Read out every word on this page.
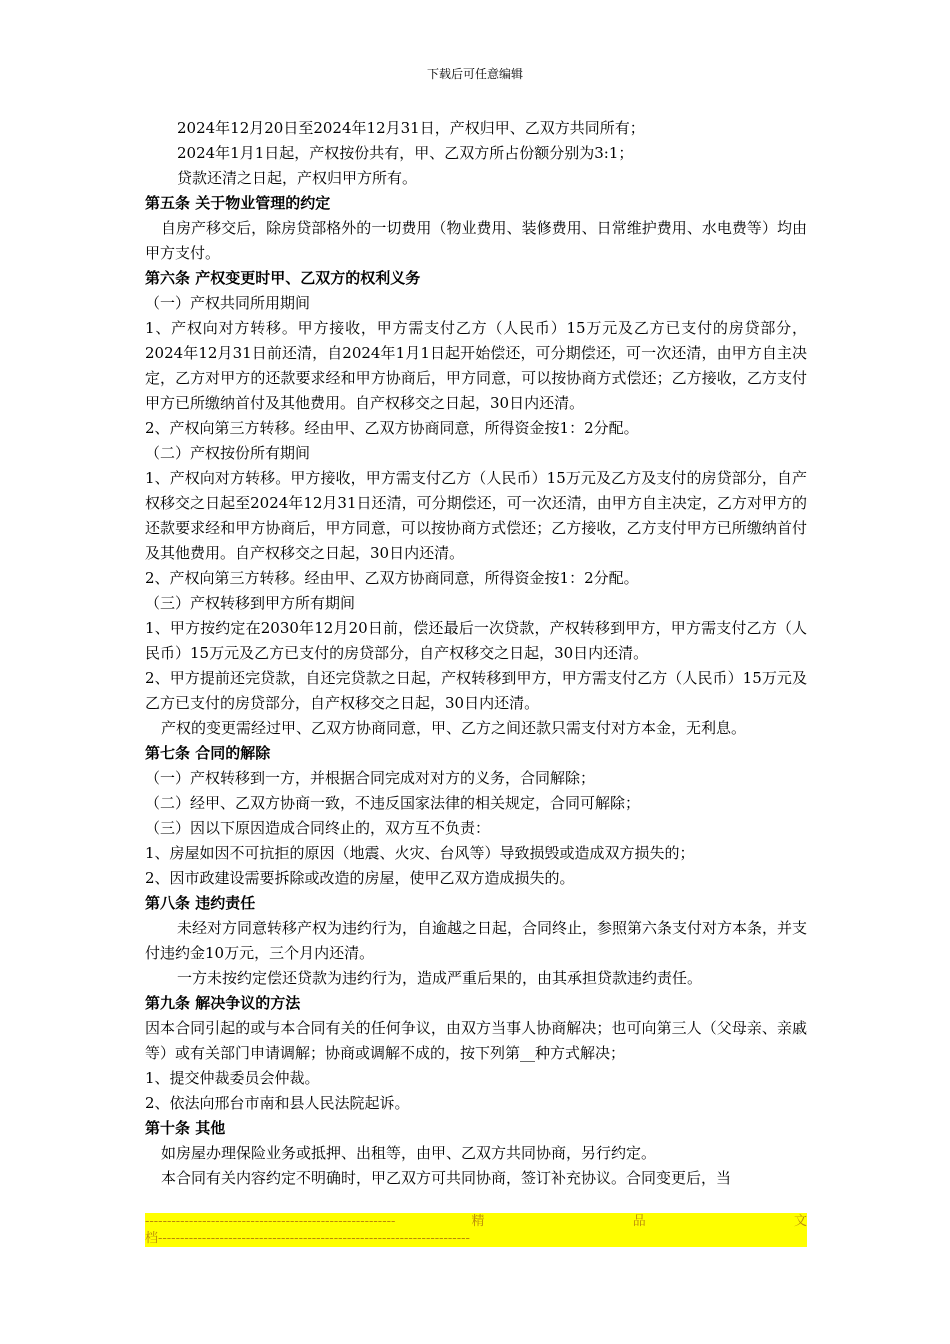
下载后可任意编辑

2024年12月20日至2024年12月31日，产权归甲、乙双方共同所有；

2024年1月1日起，产权按份共有，甲、乙双方所占份额分别为3:1；

贷款还清之日起，产权归甲方所有。

第五条 关于物业管理的约定

自房产移交后，除房贷部格外的一切费用（物业费用、装修费用、日常维护费用、水电费等）均由甲方支付。

第六条 产权变更时甲、乙双方的权利义务

（一）产权共同所用期间

1、产权向对方转移。甲方接收，甲方需支付乙方（人民币）15万元及乙方已支付的房贷部分，2024年12月31日前还清，自2024年1月1日起开始偿还，可分期偿还，可一次还清，由甲方自主决定，乙方对甲方的还款要求经和甲方协商后，甲方同意，可以按协商方式偿还；乙方接收，乙方支付甲方已所缴纳首付及其他费用。自产权移交之日起，30日内还清。

2、产权向第三方转移。经由甲、乙双方协商同意，所得资金按1：2分配。

（二）产权按份所有期间

1、产权向对方转移。甲方接收，甲方需支付乙方（人民币）15万元及乙方及支付的房贷部分，自产权移交之日起至2024年12月31日还清，可分期偿还，可一次还清，由甲方自主决定，乙方对甲方的还款要求经和甲方协商后，甲方同意，可以按协商方式偿还；乙方接收，乙方支付甲方已所缴纳首付及其他费用。自产权移交之日起，30日内还清。

2、产权向第三方转移。经由甲、乙双方协商同意，所得资金按1：2分配。

（三）产权转移到甲方所有期间

1、甲方按约定在2030年12月20日前，偿还最后一次贷款，产权转移到甲方，甲方需支付乙方（人民币）15万元及乙方已支付的房贷部分，自产权移交之日起，30日内还清。

2、甲方提前还完贷款，自还完贷款之日起，产权转移到甲方，甲方需支付乙方（人民币）15万元及乙方已支付的房贷部分，自产权移交之日起，30日内还清。

产权的变更需经过甲、乙双方协商同意，甲、乙方之间还款只需支付对方本金，无利息。

第七条 合同的解除

（一）产权转移到一方，并根据合同完成对对方的义务，合同解除；

（二）经甲、乙双方协商一致，不违反国家法律的相关规定，合同可解除；

（三）因以下原因造成合同终止的，双方互不负责：

1、房屋如因不可抗拒的原因（地震、火灾、台风等）导致损毁或造成双方损失的；

2、因市政建设需要拆除或改造的房屋，使甲乙双方造成损失的。

第八条 违约责任

未经对方同意转移产权为违约行为，自逾越之日起，合同终止，参照第六条支付对方本条，并支付违约金10万元，三个月内还清。

一方未按约定偿还贷款为违约行为，造成严重后果的，由其承担贷款违约责任。

第九条 解决争议的方法

因本合同引起的或与本合同有关的任何争议，由双方当事人协商解决；也可向第三人（父母亲、亲戚等）或有关部门申请调解；协商或调解不成的，按下列第__种方式解决；

1、提交仲裁委员会仲裁。

2、依法向邢台市南和县人民法院起诉。

第十条 其他

如房屋办理保险业务或抵押、出租等，由甲、乙双方共同协商，另行约定。

本合同有关内容约定不明确时，甲乙双方可共同协商，签订补充协议。合同变更后，当

--------------------------------------------------------- 精 品 文
档-----------------------------------------------------------------------
